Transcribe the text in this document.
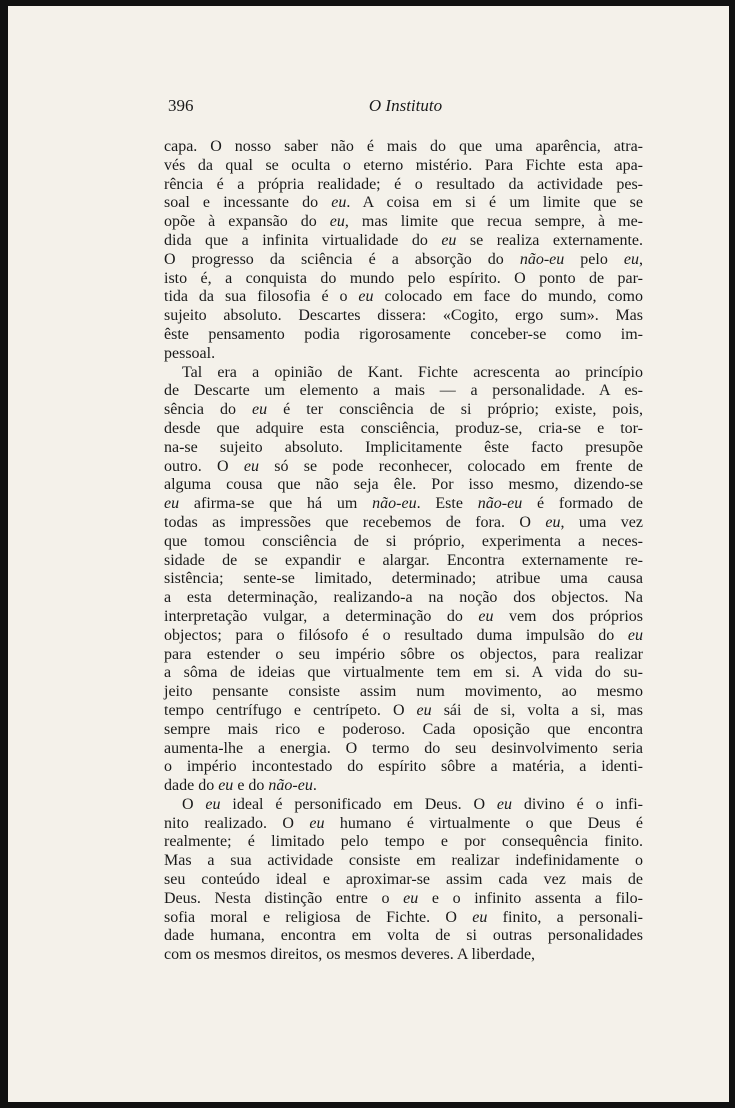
396	O Instituto
capa. O nosso saber não é mais do que uma aparência, atra-
vés da qual se oculta o eterno mistério. Para Fichte esta apa-
rência é a própria realidade; é o resultado da actividade pes-
soal e incessante do eu. A coisa em si é um limite que se
opõe à expansão do eu, mas limite que recua sempre, à me-
dida que a infinita virtualidade do eu se realiza externamente.
O progresso da sciência é a absorção do não-eu pelo eu,
isto é, a conquista do mundo pelo espírito. O ponto de par-
tida da sua filosofia é o eu colocado em face do mundo, como
sujeito absoluto. Descartes dissera: «Cogito, ergo sum». Mas
êste pensamento podia rigorosamente conceber-se como im-
pessoal.
Tal era a opinião de Kant. Fichte acrescenta ao princípio
de Descarte um elemento a mais — a personalidade. A es-
sência do eu é ter consciência de si próprio; existe, pois,
desde que adquire esta consciência, produz-se, cria-se e tor-
na-se sujeito absoluto. Implicitamente êste facto presupõe
outro. O eu só se pode reconhecer, colocado em frente de
alguma cousa que não seja êle. Por isso mesmo, dizendo-se
eu afirma-se que há um não-eu. Este não-eu é formado de
todas as impressões que recebemos de fora. O eu, uma vez
que tomou consciência de si próprio, experimenta a neces-
sidade de se expandir e alargar. Encontra externamente re-
sistência; sente-se limitado, determinado; atribue uma causa
a esta determinação, realizando-a na noção dos objectos. Na
interpretação vulgar, a determinação do eu vem dos próprios
objectos; para o filósofo é o resultado duma impulsão do eu
para estender o seu império sôbre os objectos, para realizar
a sôma de ideias que virtualmente tem em si. A vida do su-
jeito pensante consiste assim num movimento, ao mesmo
tempo centrífugo e centrípeto. O eu sái de si, volta a si, mas
sempre mais rico e poderoso. Cada oposição que encontra
aumenta-lhe a energia. O termo do seu desinvolvimento seria
o império incontestado do espírito sôbre a matéria, a identi-
dade do eu e do não-eu.
O eu ideal é personificado em Deus. O eu divino é o infi-
nito realizado. O eu humano é virtualmente o que Deus é
realmente; é limitado pelo tempo e por consequência finito.
Mas a sua actividade consiste em realizar indefinidamente o
seu conteúdo ideal e aproximar-se assim cada vez mais de
Deus. Nesta distinção entre o eu e o infinito assenta a filo-
sofia moral e religiosa de Fichte. O eu finito, a personali-
dade humana, encontra em volta de si outras personalidades
com os mesmos direitos, os mesmos deveres. A liberdade,
